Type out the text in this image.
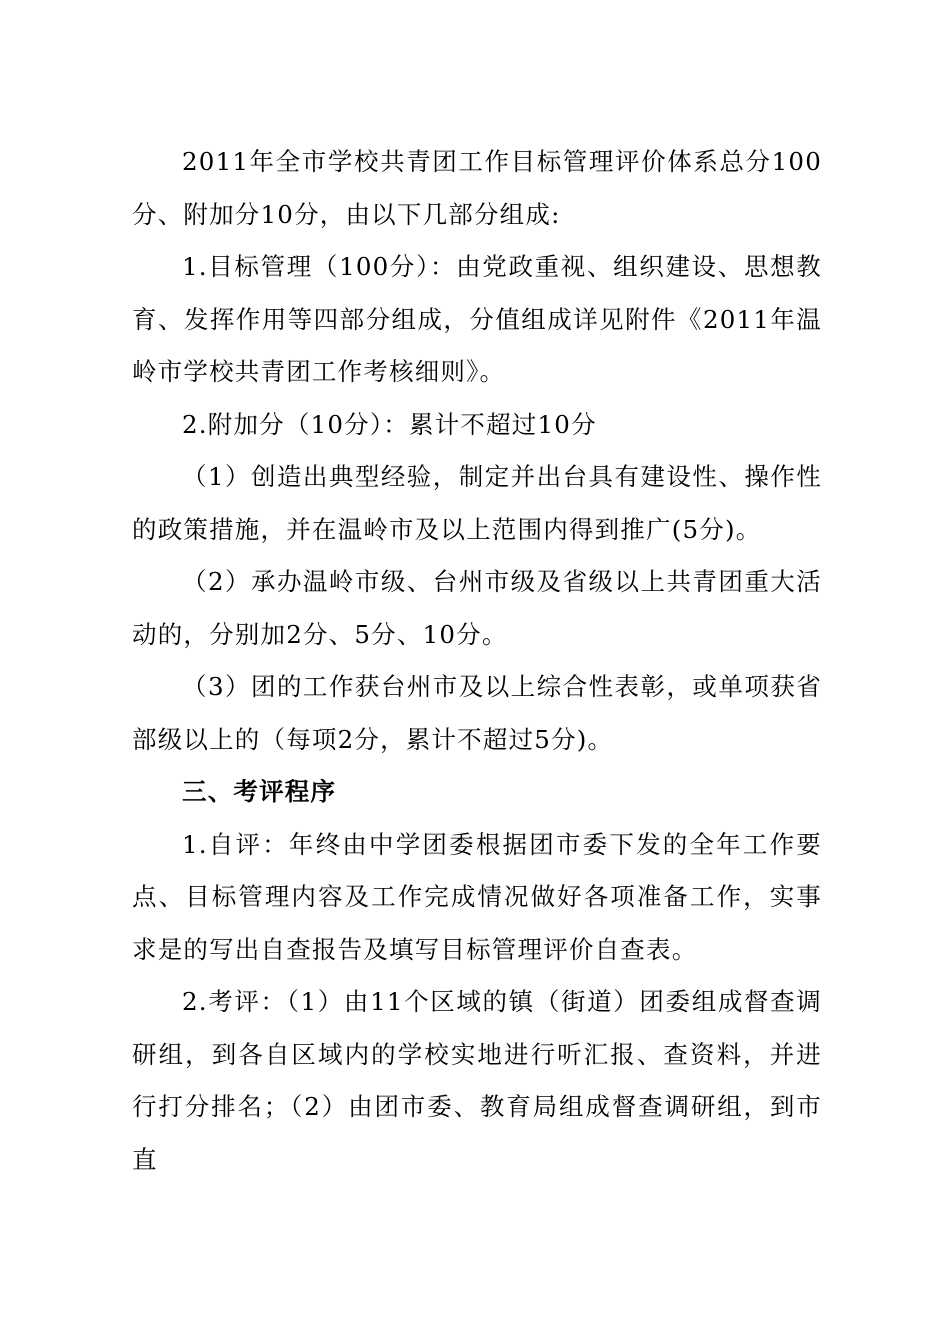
2011年全市学校共青团工作目标管理评价体系总分100分、附加分10分，由以下几部分组成:

1.目标管理（100分）：由党政重视、组织建设、思想教育、发挥作用等四部分组成，分值组成详见附件《2011年温岭市学校共青团工作考核细则》。

2.附加分（10分）：累计不超过10分

（1）创造出典型经验，制定并出台具有建设性、操作性的政策措施，并在温岭市及以上范围内得到推广(5分)。

（2）承办温岭市级、台州市级及省级以上共青团重大活动的，分别加2分、5分、10分。

（3）团的工作获台州市及以上综合性表彰，或单项获省部级以上的（每项2分，累计不超过5分)。

三、考评程序

1.自评：年终由中学团委根据团市委下发的全年工作要点、目标管理内容及工作完成情况做好各项准备工作，实事求是的写出自查报告及填写目标管理评价自查表。

2.考评：（1）由11个区域的镇（街道）团委组成督查调研组，到各自区域内的学校实地进行听汇报、查资料，并进行打分排名；（2）由团市委、教育局组成督查调研组，到市直
